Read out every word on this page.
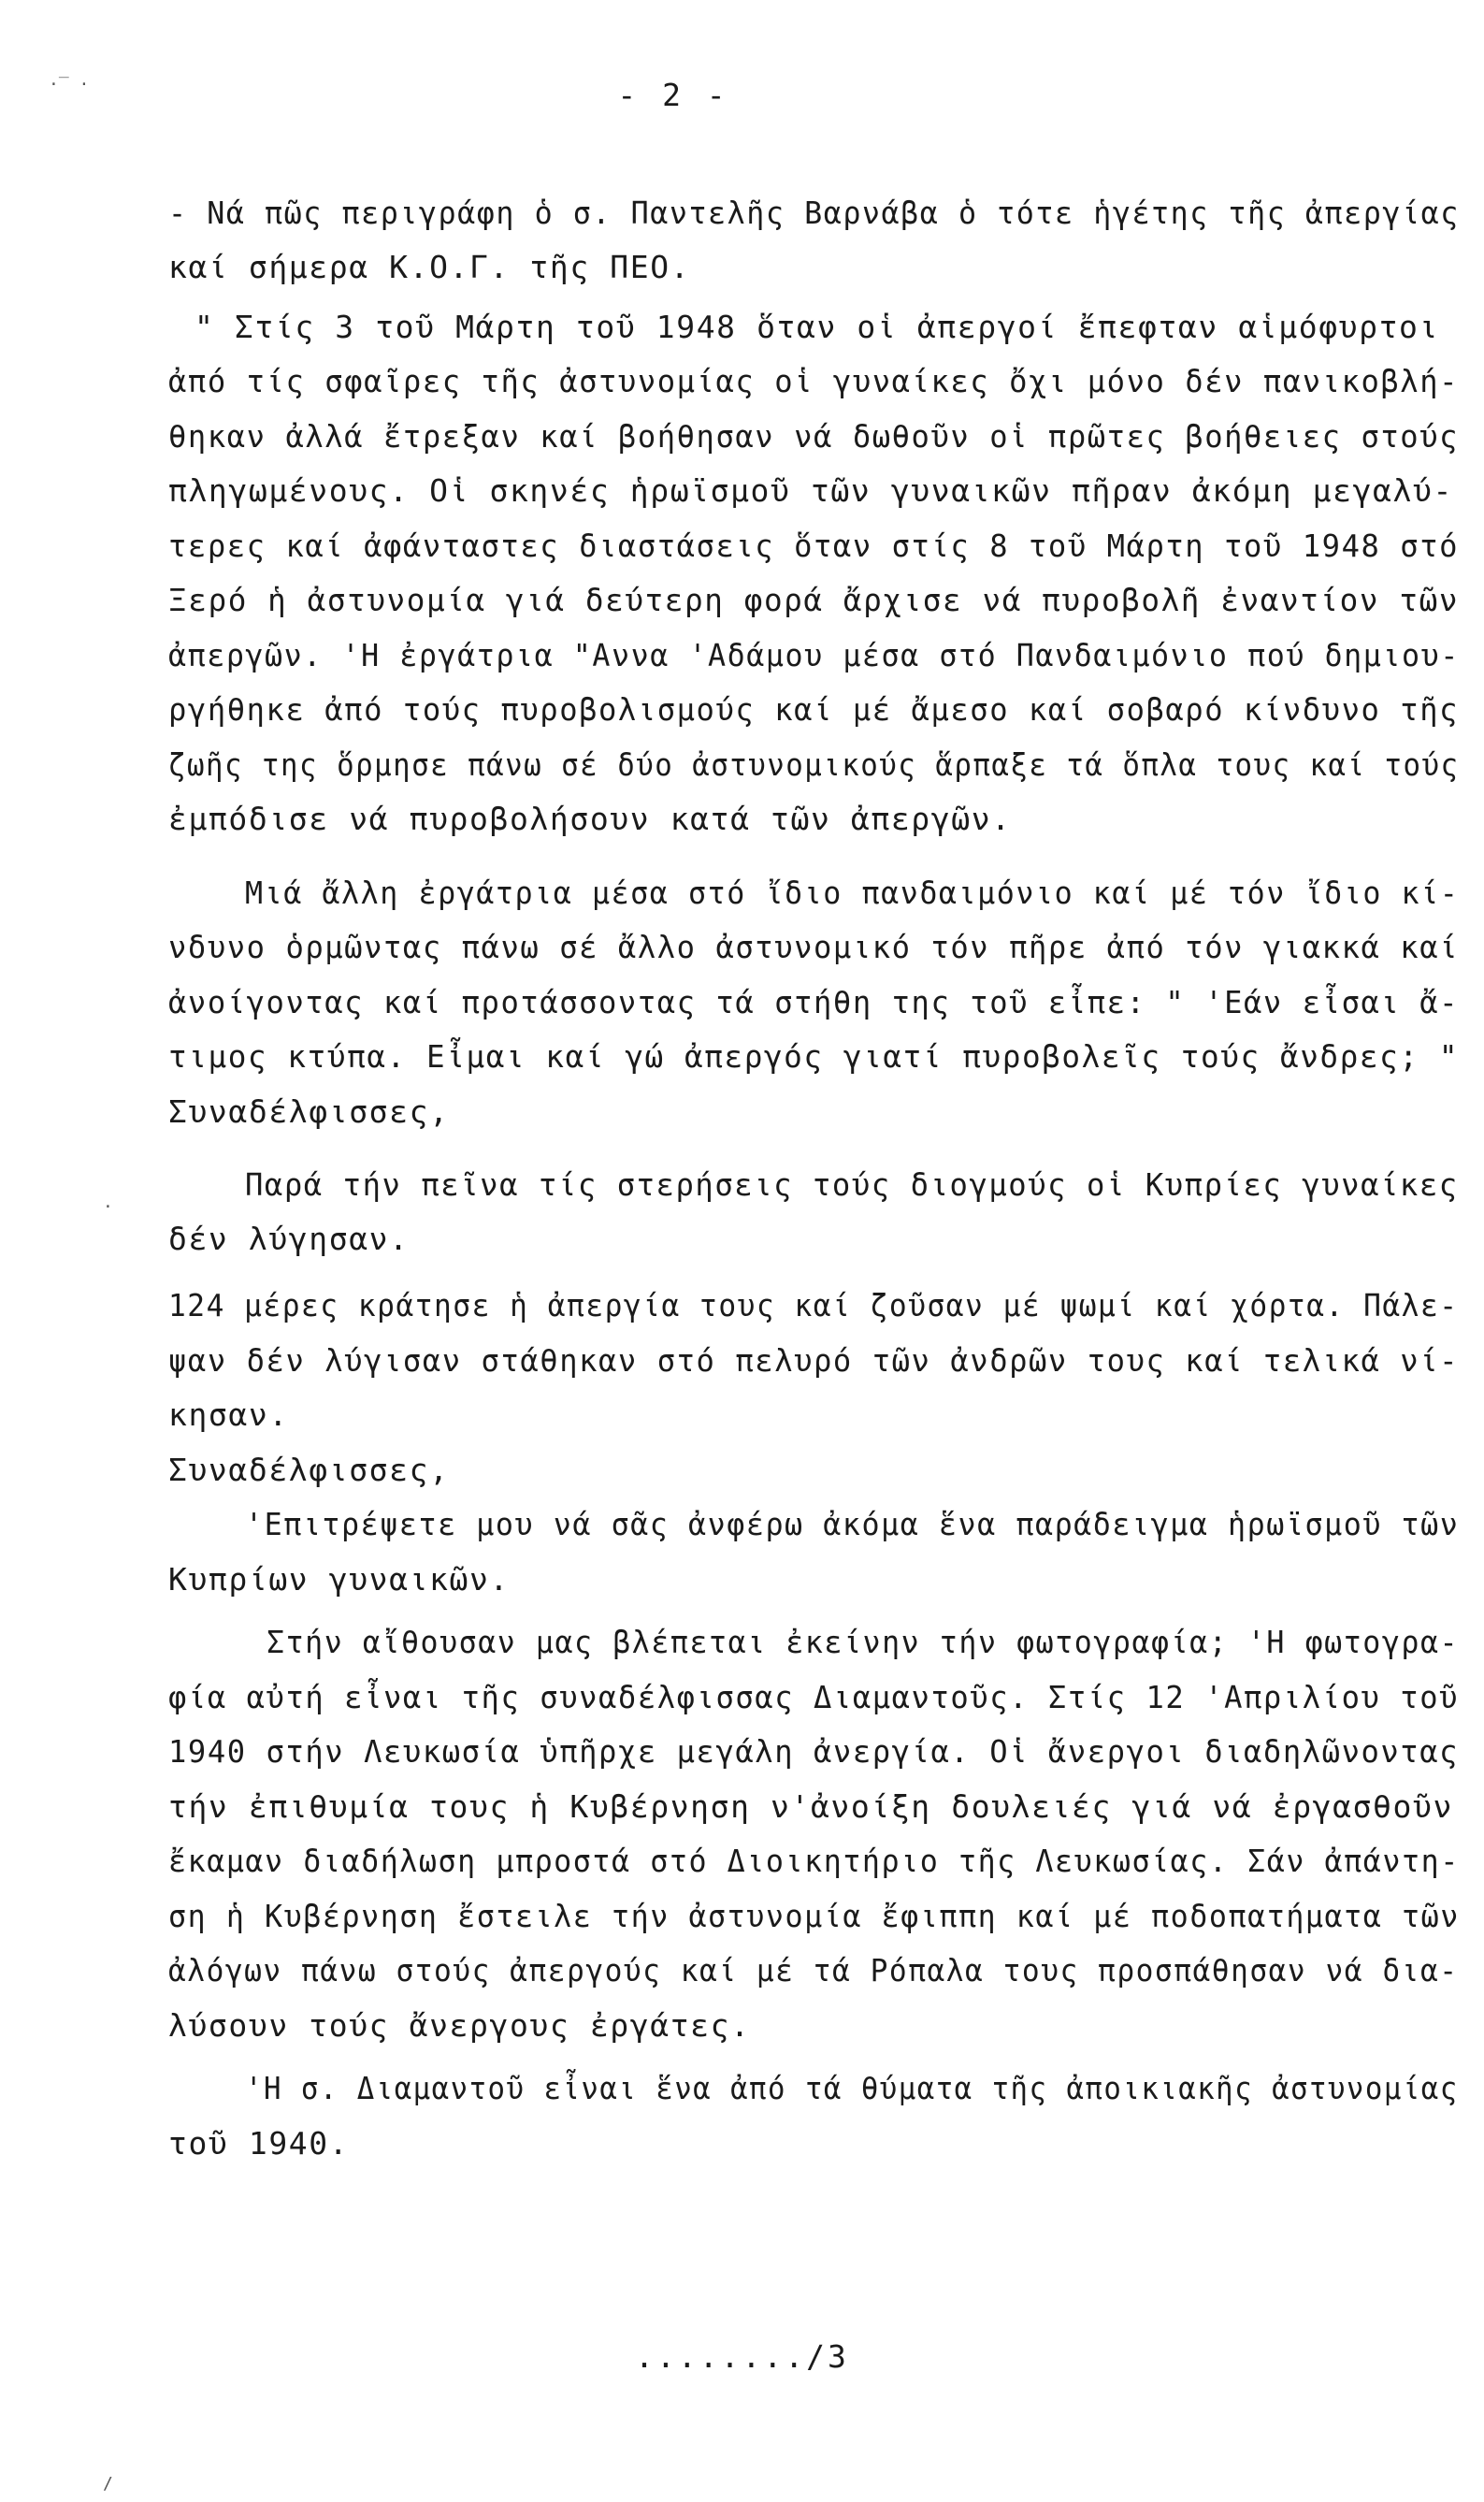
·‾ ·
·
/
- 2 -
- Νά πῶς περιγράφη ὁ σ. Παντελῆς Βαρνάβα ὁ τότε ἡγέτης τῆς ἀπεργίας
καί σήμερα Κ.Ο.Γ. τῆς ΠΕΟ.
" Στίς 3 τοῦ Μάρτη τοῦ 1948 ὅταν οἱ ἀπεργοί ἔπεφταν αἱμόφυρτοι
ἀπό τίς σφαῖρες τῆς ἀστυνομίας οἱ γυναίκες ὄχι μόνο δέν πανικοβλή-
θηκαν ἀλλά ἔτρεξαν καί βοήθησαν νά δωθοῦν οἱ πρῶτες βοήθειες στούς
πληγωμένους. Οἱ σκηνές ἡρωϊσμοῦ τῶν γυναικῶν πῆραν ἀκόμη μεγαλύ-
τερες καί ἀφάνταστες διαστάσεις ὅταν στίς 8 τοῦ Μάρτη τοῦ 1948 στό
Ξερό ἡ ἀστυνομία γιά δεύτερη φορά ἄρχισε νά πυροβολῆ ἐναντίον τῶν
ἀπεργῶν. 'Η ἐργάτρια "Αννα 'Αδάμου μέσα στό Πανδαιμόνιο πού δημιου-
ργήθηκε ἀπό τούς πυροβολισμούς καί μέ ἄμεσο καί σοβαρό κίνδυνο τῆς
ζωῆς της ὅρμησε πάνω σέ δύο ἀστυνομικούς ἅρπαξε τά ὅπλα τους καί τούς
ἐμπόδισε νά πυροβολήσουν κατά τῶν ἀπεργῶν.
Μιά ἄλλη ἐργάτρια μέσα στό ἴδιο πανδαιμόνιο καί μέ τόν ἴδιο κί-
νδυνο ὁρμῶντας πάνω σέ ἄλλο ἀστυνομικό τόν πῆρε ἀπό τόν γιακκά καί
ἀνοίγοντας καί προτάσσοντας τά στήθη της τοῦ εἶπε: " 'Εάν εἶσαι ἄ-
τιμος κτύπα. Εἶμαι καί γώ ἀπεργός γιατί πυροβολεῖς τούς ἄνδρες; "
Συναδέλφισσες,
Παρά τήν πεῖνα τίς στερήσεις τούς διογμούς οἱ Κυπρίες γυναίκες
δέν λύγησαν.
124 μέρες κράτησε ἡ ἀπεργία τους καί ζοῦσαν μέ ψωμί καί χόρτα. Πάλε-
ψαν δέν λύγισαν στάθηκαν στό πελυρό τῶν ἀνδρῶν τους καί τελικά νί-
κησαν.
Συναδέλφισσες,
'Επιτρέψετε μου νά σᾶς ἀνφέρω ἀκόμα ἕνα παράδειγμα ἡρωϊσμοῦ τῶν
Κυπρίων γυναικῶν.
Στήν αἴθουσαν μας βλέπεται ἐκείνην τήν φωτογραφία; 'Η φωτογρα-
φία αὐτή εἶναι τῆς συναδέλφισσας Διαμαντοῦς. Στίς 12 'Απριλίου τοῦ
1940 στήν Λευκωσία ὑπῆρχε μεγάλη ἀνεργία. Οἱ ἄνεργοι διαδηλῶνοντας
τήν ἐπιθυμία τους ἡ Κυβέρνηση ν'ἀνοίξη δουλειές γιά νά ἐργασθοῦν
ἔκαμαν διαδήλωση μπροστά στό Διοικητήριο τῆς Λευκωσίας. Σάν ἀπάντη-
ση ἡ Κυβέρνηση ἔστειλε τήν ἀστυνομία ἔφιππη καί μέ ποδοπατήματα τῶν
ἀλόγων πάνω στούς ἀπεργούς καί μέ τά Ρόπαλα τους προσπάθησαν νά δια-
λύσουν τούς ἄνεργους ἐργάτες.
'Η σ. Διαμαντοῦ εἶναι ἕνα ἀπό τά θύματα τῆς ἀποικιακῆς ἀστυνομίας
τοῦ 1940.
......../3
